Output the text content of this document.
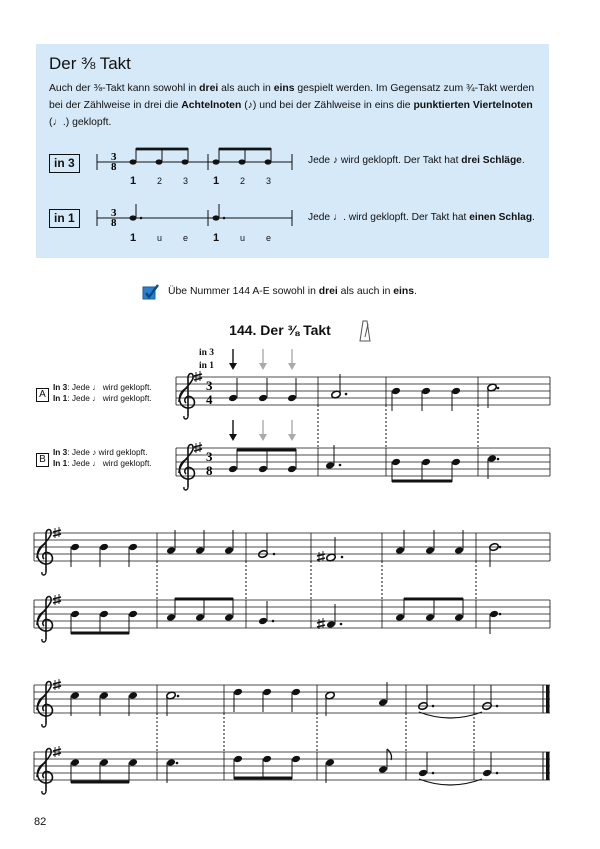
Der ⅜ Takt
Auch der ⅜-Takt kann sowohl in drei als auch in eins gespielt werden. Im Gegensatz zum ¾-Takt werden bei der Zählweise in drei die Achtelnoten (♪) und bei der Zählweise in eins die punktierten Viertelnoten (♩.) geklopft.
in 3
in 1
Jede ♪ wird geklopft. Der Takt hat drei Schläge.
Jede ♩. wird geklopft. Der Takt hat einen Schlag.
1 2 3 1 2 3
1 u e 1 u e
Übe Nummer 144 A-E sowohl in drei als auch in eins.
144. Der ⅜ Takt
in 3
in 1
A
In 3: Jede ♩ wird geklopft.
In 1: Jede ♩ wird geklopft.
B
In 3: Jede ♪ wird geklopft.
In 1: Jede ♩ wird geklopft.
82
3
8
3
8
3
4
3
8
